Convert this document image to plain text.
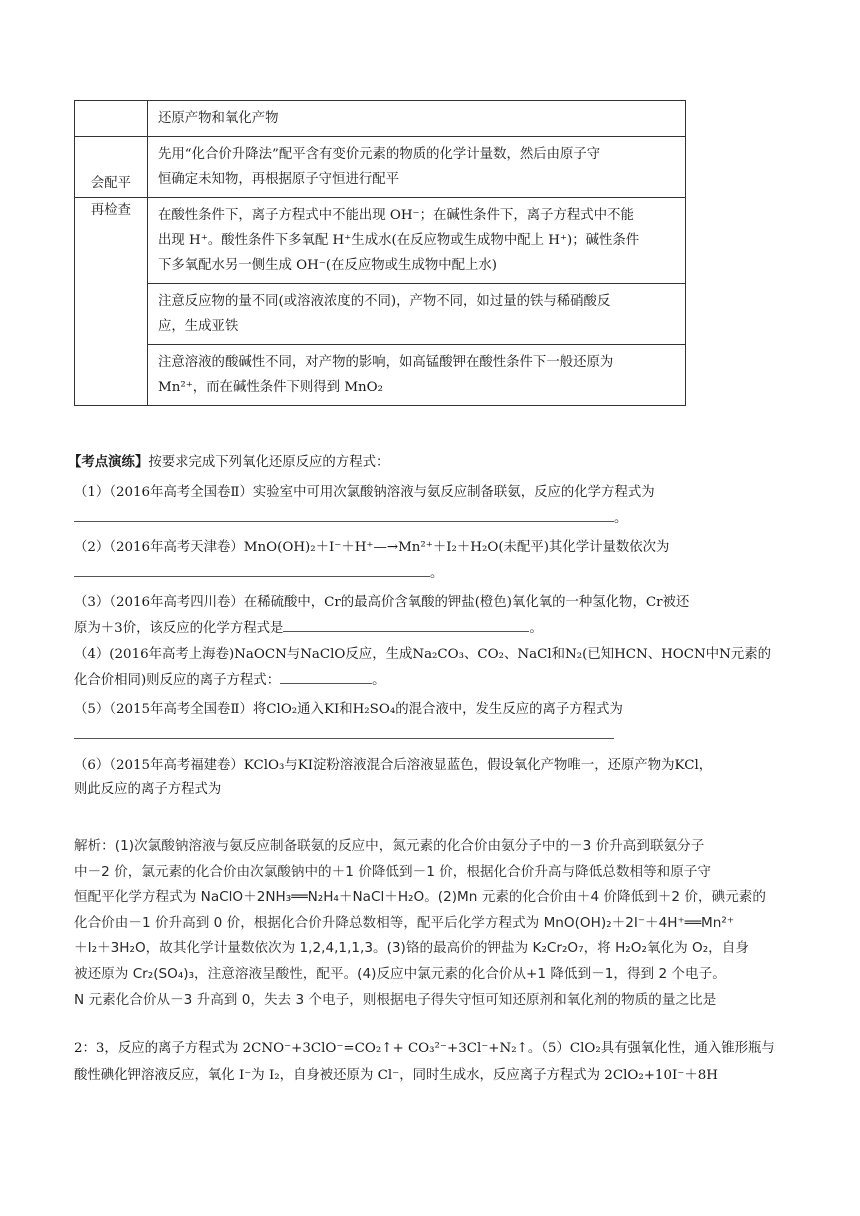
	还原产物和氧化产物

会配平	先用“化合价升降法”配平含有变价元素的物质的化学计量数，然后由原子守
恒确定未知物，再根据原子守恒进行配平

再检查	在酸性条件下，离子方程式中不能出现 OH⁻；在碱性条件下，离子方程式中不能
出现 H⁺。酸性条件下多氧配 H⁺生成水(在反应物或生成物中配上 H⁺)；碱性条件
下多氧配水另一侧生成 OH⁻(在反应物或生成物中配上水)

	注意反应物的量不同(或溶液浓度的不同)，产物不同，如过量的铁与稀硝酸反
应，生成亚铁

	注意溶液的酸碱性不同，对产物的影响，如高锰酸钾在酸性条件下一般还原为
Mn²⁺，而在碱性条件下则得到 MnO₂
【考点演练】按要求完成下列氧化还原反应的方程式：
（1）（2016年高考全国卷Ⅱ）实验室中可用次氯酸钠溶液与氨反应制备联氨，反应的化学方程式为
。
（2）（2016年高考天津卷）MnO(OH)₂＋I⁻＋H⁺—→Mn²⁺＋I₂＋H₂O(未配平)其化学计量数依次为
。
（3）（2016年高考四川卷）在稀硫酸中，Cr的最高价含氧酸的钾盐(橙色)氧化氧的一种氢化物，Cr被还
原为＋3价，该反应的化学方程式是	。
（4）(2016年高考上海卷)NaOCN与NaClO反应，生成Na₂CO₃、CO₂、NaCl和N₂(已知HCN、HOCN中N元素的
化合价相同)则反应的离子方程式：	。
（5）（2015年高考全国卷Ⅱ）将ClO₂通入KI和H₂SO₄的混合液中，发生反应的离子方程式为
（6）（2015年高考福建卷）KClO₃与KI淀粉溶液混合后溶液显蓝色，假设氧化产物唯一，还原产物为KCl，
则此反应的离子方程式为
解析：(1)次氯酸钠溶液与氨反应制备联氨的反应中，氮元素的化合价由氨分子中的－3 价升高到联氨分子
中－2 价，氯元素的化合价由次氯酸钠中的＋1 价降低到－1 价，根据化合价升高与降低总数相等和原子守
恒配平化学方程式为 NaClO＋2NH₃══N₂H₄＋NaCl＋H₂O。(2)Mn 元素的化合价由＋4 价降低到＋2 价，碘元素的
化合价由－1 价升高到 0 价，根据化合价升降总数相等，配平后化学方程式为 MnO(OH)₂＋2I⁻＋4H⁺══Mn²⁺
＋I₂＋3H₂O，故其化学计量数依次为 1,2,4,1,1,3。(3)铬的最高价的钾盐为 K₂Cr₂O₇，将 H₂O₂氧化为 O₂，自身
被还原为 Cr₂(SO₄)₃，注意溶液呈酸性，配平。(4)反应中氯元素的化合价从+1 降低到－1，得到 2 个电子。
N 元素化合价从－3 升高到 0，失去 3 个电子，则根据电子得失守恒可知还原剂和氧化剂的物质的量之比是
2：3，反应的离子方程式为 2CNO⁻+3ClO⁻=CO₂↑+ CO₃²⁻+3Cl⁻+N₂↑。（5）ClO₂具有强氧化性，通入锥形瓶与
酸性碘化钾溶液反应，氧化 I⁻为 I₂，自身被还原为 Cl⁻，同时生成水，反应离子方程式为 2ClO₂+10I⁻＋8H
